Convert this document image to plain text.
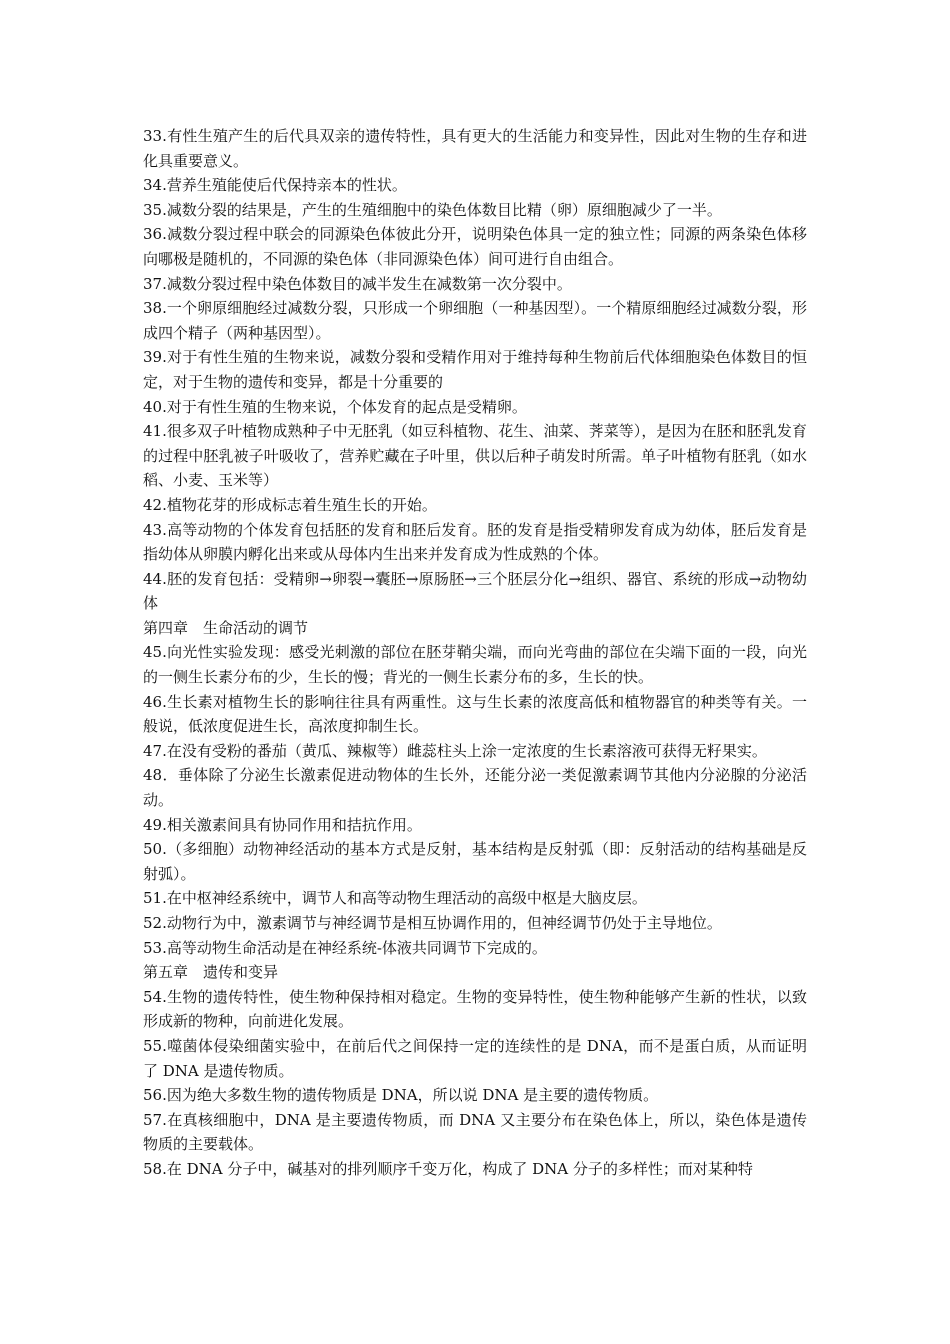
33.有性生殖产生的后代具双亲的遗传特性，具有更大的生活能力和变异性，因此对生物的生存和进化具重要意义。

34.营养生殖能使后代保持亲本的性状。

35.减数分裂的结果是，产生的生殖细胞中的染色体数目比精（卵）原细胞减少了一半。

36.减数分裂过程中联会的同源染色体彼此分开，说明染色体具一定的独立性；同源的两条染色体移向哪极是随机的，不同源的染色体（非同源染色体）间可进行自由组合。

37.减数分裂过程中染色体数目的减半发生在减数第一次分裂中。

38.一个卵原细胞经过减数分裂，只形成一个卵细胞（一种基因型）。一个精原细胞经过减数分裂，形成四个精子（两种基因型）。

39.对于有性生殖的生物来说，减数分裂和受精作用对于维持每种生物前后代体细胞染色体数目的恒定，对于生物的遗传和变异，都是十分重要的

40.对于有性生殖的生物来说，个体发育的起点是受精卵。

41.很多双子叶植物成熟种子中无胚乳（如豆科植物、花生、油菜、荠菜等），是因为在胚和胚乳发育的过程中胚乳被子叶吸收了，营养贮藏在子叶里，供以后种子萌发时所需。单子叶植物有胚乳（如水稻、小麦、玉米等）

42.植物花芽的形成标志着生殖生长的开始。

43.高等动物的个体发育包括胚的发育和胚后发育。胚的发育是指受精卵发育成为幼体，胚后发育是指幼体从卵膜内孵化出来或从母体内生出来并发育成为性成熟的个体。

44.胚的发育包括：受精卵→卵裂→囊胚→原肠胚→三个胚层分化→组织、器官、系统的形成→动物幼体

第四章　生命活动的调节

45.向光性实验发现：感受光刺激的部位在胚芽鞘尖端，而向光弯曲的部位在尖端下面的一段，向光的一侧生长素分布的少，生长的慢；背光的一侧生长素分布的多，生长的快。

46.生长素对植物生长的影响往往具有两重性。这与生长素的浓度高低和植物器官的种类等有关。一般说，低浓度促进生长，高浓度抑制生长。

47.在没有受粉的番茄（黄瓜、辣椒等）雌蕊柱头上涂一定浓度的生长素溶液可获得无籽果实。

48．垂体除了分泌生长激素促进动物体的生长外，还能分泌一类促激素调节其他内分泌腺的分泌活动。

49.相关激素间具有协同作用和拮抗作用。

50.（多细胞）动物神经活动的基本方式是反射，基本结构是反射弧（即：反射活动的结构基础是反射弧）。

51.在中枢神经系统中，调节人和高等动物生理活动的高级中枢是大脑皮层。

52.动物行为中，激素调节与神经调节是相互协调作用的，但神经调节仍处于主导地位。

53.高等动物生命活动是在神经系统-体液共同调节下完成的。

第五章　遗传和变异

54.生物的遗传特性，使生物种保持相对稳定。生物的变异特性，使生物种能够产生新的性状，以致形成新的物种，向前进化发展。

55.噬菌体侵染细菌实验中，在前后代之间保持一定的连续性的是 DNA，而不是蛋白质，从而证明了 DNA 是遗传物质。

56.因为绝大多数生物的遗传物质是 DNA，所以说 DNA 是主要的遗传物质。

57.在真核细胞中，DNA 是主要遗传物质，而 DNA 又主要分布在染色体上，所以，染色体是遗传物质的主要载体。

58.在 DNA 分子中，碱基对的排列顺序千变万化，构成了 DNA 分子的多样性；而对某种特
